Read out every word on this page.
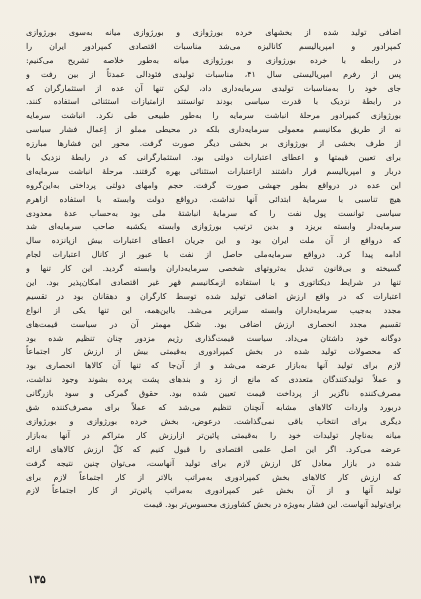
اضافی تولید شده از بخشهای خرده بورژوازی و بورژوازی میانه به‌سوی بورژوازی
کمپرادور و امپریالیسم کانالیزه می‌شد مناسبات اقتصادی کمپرادور ایران را
در رابطه با خرده بورژوازی و بورژوازی میانه به‌طور خلاصه تشریح می‌کنیم:
پس از رفرم امپریالیستی سال ۴۱، مناسبات تولیدی فئودالی عمدتاً از بین رفت و
جای خود را به‌مناسبات تولیدی سرمایه‌داری داد، لیکن تنها آن عده از استثمارگران که
در رابطهٔ نزدیک با قدرت سیاسی بودند توانستند ازامتیازات استثنائی استفاده کنند.
بورژوازی کمپرادور مرحلهٔ انباشت سرمایه را به‌طور طبیعی طی نکرد. انباشت سرمایه
نه از طریق مکانیسم معمولی سرمایه‌داری بلکه در محیطی مملو از اِعمال فشار سیاسی
از طرف بخشی از بورژوازی بر بخشی دیگر صورت گرفت. محور این فشارها مبارزه
برای تعیین قیمتها و اعطای اعتبارات دولتی بود. استثمارگرانی که در رابطهٔ نزدیک با
دربار و امپریالیسم قرار داشتند ازاعتبارات استثنائی بهره گرفتند. مرحلهٔ انباشت سرمایه‌ای
این عده در درواقع بطور جهشی صورت گرفت. حجم وامهای دولتی پرداختی به‌این‌گروه
هیچ تناسبی با سرمایهٔ ابتدائی آنها نداشت. درواقع دولت وابسته با استفاده ازاهرم
سیاسی توانست پول نفت را که سرمایهٔ انباشتهٔ ملی بود به‌حساب عدهٔ معدودی
سرمایه‌دار وابسته بریزد و بدین ترتیب بورژوازی وابسته یکشبه صاحب سرمایه‌ای شد
که درواقع از آن ملت ایران بود و این جریان اعطای اعتبارات بیش ازپانزده سال
ادامه پیدا کرد. درواقع سرمایه‌ملی حاصل از نفت با عبور از کانال اعتبارات لجام
گسیخته و بی‌قانون تبدیل به‌ثروتهای شخصی سرمایه‌داران وابسته گردید. این کار تنها و
تنها در شرایط دیکتاتوری و با استفاده ازمکانیسم قهر غیر اقتصادی امکان‌پذیر بود. این
اعتبارات که در واقع ارزش اضافی تولید شده توسط کارگران و دهقانان بود در تقسیم
مجدد به‌جیب سرمایه‌داران وابسته سرازیر می‌شد. بااین‌همه، این تنها یکی از انواع
تقسیم مجدد انحصاری ارزش اضافی بود. شکل مهمتر آن در سیاست قیمت‌های
دوگانه خود داشتان می‌داد. سیاست قیمت‌گذاری رژیم مزدور چنان تنظیم شده بود
که محصولات تولید شده در بخش کمپرادوری به‌قیمتی بیش از ارزش کار اجتماعاً
لازم برای تولید آنها به‌بازار عرضه می‌شد و از آن‌جا که تنها آن کالاها انحصاری بود
و عملاً تولیدکنندگان متعددی که مانع از زد و بندهای پشت پرده بشوند وجود نداشت،
مصرف‌کننده ناگزیر از پرداخت قیمت تعیین شده بود. حقوق گمرکی و سود بازرگانی
دربورد واردات کالاهای مشابه آنچنان تنظیم می‌شد که عملاً برای مصرف‌کننده شق
دیگری برای انتخاب باقی نمی‌گذاشت. درعوض، بخش خرده بورژوازی و بورژوازی
میانه به‌ناچار تولیدات خود را به‌قیمتی پائین‌تر ازارزش کار متراکم در آنها به‌بازار
عرضه می‌کرد. اگر این اصل علمی اقتصادی را قبول کنیم که کلّ ارزش کالاهای ارائه
شده در بازار معادل کل ارزش لازم برای تولید آنهاست، می‌توان چنین نتیجه گرفت
که ارزش کار کالاهای بخش کمپرادوری به‌مراتب بالاتر از کار اجتماعاً لازم برای
تولید آنها و از آن بخش غیر کمپرادوری به‌مراتب پائین‌تر از کار اجتماعاً لازم
برای‌تولید آنهاست. این فشار به‌ویژه در بخش کشاورزی محسوس‌تر بود. قیمت
۱۳۵
